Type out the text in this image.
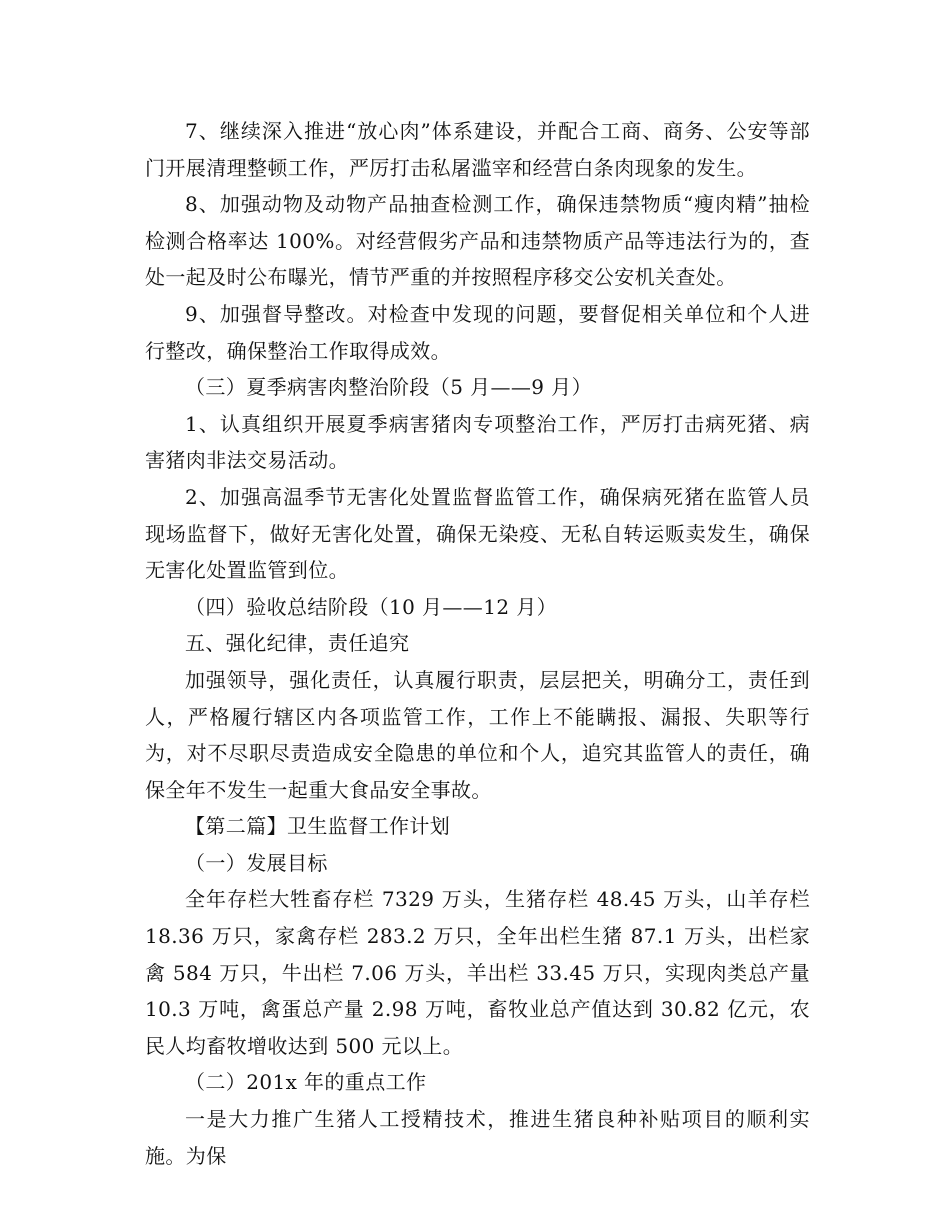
7、继续深入推进“放心肉”体系建设，并配合工商、商务、公安等部门开展清理整顿工作，严厉打击私屠滥宰和经营白条肉现象的发生。

8、加强动物及动物产品抽查检测工作，确保违禁物质“瘦肉精”抽检检测合格率达 100%。对经营假劣产品和违禁物质产品等违法行为的，查处一起及时公布曝光，情节严重的并按照程序移交公安机关查处。

9、加强督导整改。对检查中发现的问题，要督促相关单位和个人进行整改，确保整治工作取得成效。

（三）夏季病害肉整治阶段（5 月——9 月）

1、认真组织开展夏季病害猪肉专项整治工作，严厉打击病死猪、病害猪肉非法交易活动。

2、加强高温季节无害化处置监督监管工作，确保病死猪在监管人员现场监督下，做好无害化处置，确保无染疫、无私自转运贩卖发生，确保无害化处置监管到位。

（四）验收总结阶段（10 月——12 月）

五、强化纪律，责任追究

加强领导，强化责任，认真履行职责，层层把关，明确分工，责任到人，严格履行辖区内各项监管工作，工作上不能瞒报、漏报、失职等行为，对不尽职尽责造成安全隐患的单位和个人，追究其监管人的责任，确保全年不发生一起重大食品安全事故。

【第二篇】卫生监督工作计划

（一）发展目标

全年存栏大牲畜存栏 7329 万头，生猪存栏 48.45 万头，山羊存栏 18.36 万只，家禽存栏 283.2 万只，全年出栏生猪 87.1 万头，出栏家禽 584 万只，牛出栏 7.06 万头，羊出栏 33.45 万只，实现肉类总产量 10.3 万吨，禽蛋总产量 2.98 万吨，畜牧业总产值达到 30.82 亿元，农民人均畜牧增收达到 500 元以上。

（二）201x 年的重点工作

一是大力推广生猪人工授精技术，推进生猪良种补贴项目的顺利实施。为保
